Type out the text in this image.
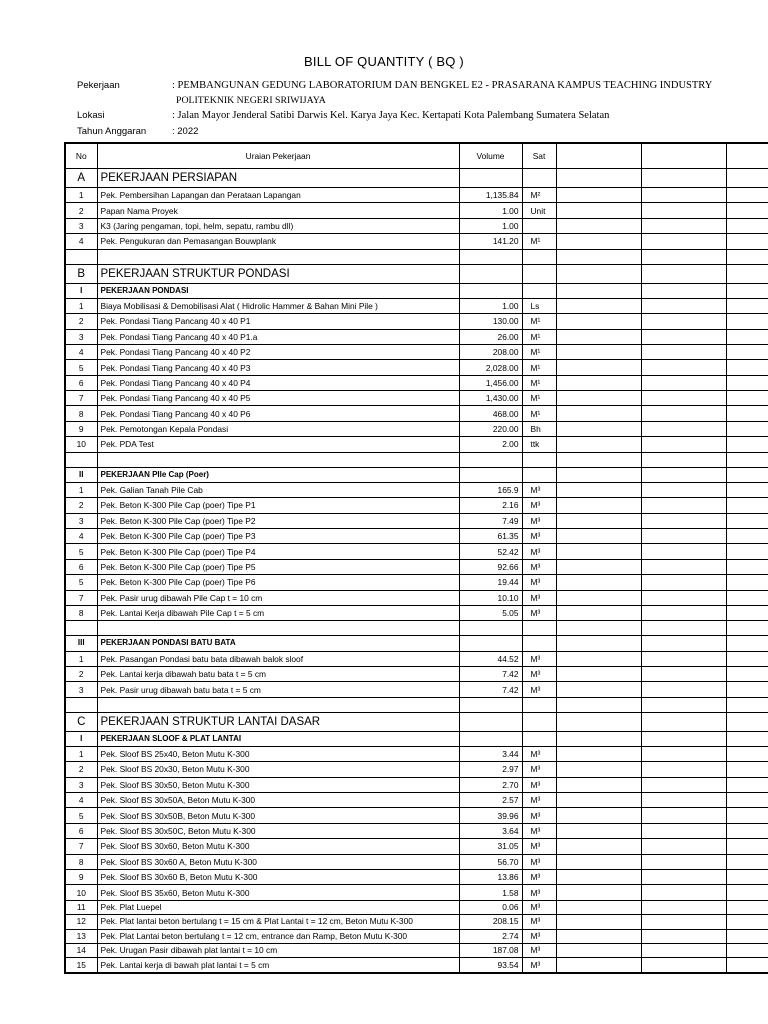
BILL OF QUANTITY ( BQ )
Pekerjaan	: PEMBANGUNAN GEDUNG LABORATORIUM DAN BENGKEL E2 - PRASARANA KAMPUS TEACHING INDUSTRY
POLITEKNIK NEGERI SRIWIJAYA
Lokasi	: Jalan Mayor Jenderal Satibi Darwis Kel. Karya Jaya Kec. Kertapati Kota Palembang Sumatera Selatan
Tahun Anggaran	: 2022
No	Uraian Pekerjaan	Volume	Sat			
A	PEKERJAAN PERSIAPAN					
1	Pek. Pembersihan Lapangan dan Perataan Lapangan	1,135.84	M²			
2	Papan Nama Proyek	1.00	Unit			
3	K3 (Jaring pengaman, topi, helm, sepatu, rambu dll)	1.00				
4	Pek. Pengukuran dan Pemasangan Bouwplank	141.20	M¹			

B	PEKERJAAN STRUKTUR PONDASI					
I	PEKERJAAN PONDASI					
1	Biaya Mobilisasi & Demobilisasi Alat ( Hidrolic Hammer & Bahan Mini Pile )	1.00	Ls			
2	Pek. Pondasi Tiang Pancang 40 x 40 P1	130.00	M¹			
3	Pek. Pondasi Tiang Pancang 40 x 40 P1.a	26.00	M¹			
4	Pek. Pondasi Tiang Pancang 40 x 40 P2	208.00	M¹			
5	Pek. Pondasi Tiang Pancang 40 x 40 P3	2,028.00	M¹			
6	Pek. Pondasi Tiang Pancang 40 x 40 P4	1,456.00	M¹			
7	Pek. Pondasi Tiang Pancang 40 x 40 P5	1,430.00	M¹			
8	Pek. Pondasi Tiang Pancang 40 x 40 P6	468.00	M¹			
9	Pek. Pemotongan Kepala Pondasi	220.00	Bh			
10	Pek. PDA Test	2.00	ttk			

II	PEKERJAAN PIle Cap (Poer)					
1	Pek. Galian Tanah Pile Cab	165.9	M³			
2	Pek. Beton K-300 Pile Cap (poer) Tipe P1	2.16	M³			
3	Pek. Beton K-300 Pile Cap (poer) Tipe P2	7.49	M³			
4	Pek. Beton K-300 Pile Cap (poer) Tipe P3	61.35	M³			
5	Pek. Beton K-300 Pile Cap (poer) Tipe P4	52.42	M³			
6	Pek. Beton K-300 Pile Cap (poer) Tipe P5	92.66	M³			
5	Pek. Beton K-300 Pile Cap (poer) Tipe P6	19.44	M³			
7	Pek. Pasir urug dibawah Pile Cap t = 10 cm	10.10	M³			
8	Pek. Lantai Kerja dibawah Pile Cap t = 5 cm	5.05	M³			

III	PEKERJAAN PONDASI BATU BATA					
1	Pek. Pasangan Pondasi batu bata dibawah balok sloof	44.52	M³			
2	Pek. Lantai kerja dibawah batu bata t = 5 cm	7.42	M³			
3	Pek. Pasir urug dibawah batu bata t = 5 cm	7.42	M³			

C	PEKERJAAN STRUKTUR LANTAI DASAR					
I	PEKERJAAN SLOOF & PLAT LANTAI					
1	Pek. Sloof BS 25x40, Beton Mutu K-300	3.44	M³			
2	Pek. Sloof BS 20x30, Beton Mutu K-300	2.97	M³			
3	Pek. Sloof BS 30x50, Beton Mutu K-300	2.70	M³			
4	Pek. Sloof BS 30x50A, Beton Mutu K-300	2.57	M³			
5	Pek. Sloof BS 30x50B, Beton Mutu K-300	39.96	M³			
6	Pek. Sloof BS 30x50C, Beton Mutu K-300	3.64	M³			
7	Pek. Sloof BS 30x60, Beton Mutu K-300	31.05	M³			
8	Pek. Sloof BS 30x60 A, Beton Mutu K-300	56.70	M³			
9	Pek. Sloof BS 30x60 B, Beton Mutu K-300	13.86	M³			
10	Pek. Sloof BS 35x60, Beton Mutu K-300	1.58	M³			
11	Pek. Plat Luepel	0.06	M³			
12	Pek. Plat lantai beton bertulang t = 15 cm & Plat Lantai t = 12 cm, Beton Mutu K-300	208.15	M³			
13	Pek. Plat Lantai beton bertulang t = 12 cm, entrance dan Ramp, Beton Mutu K-300	2.74	M³			
14	Pek. Urugan Pasir dibawah plat lantai t = 10 cm	187.08	M³			
15	Pek. Lantai kerja di bawah plat lantai t = 5 cm	93.54	M³			
